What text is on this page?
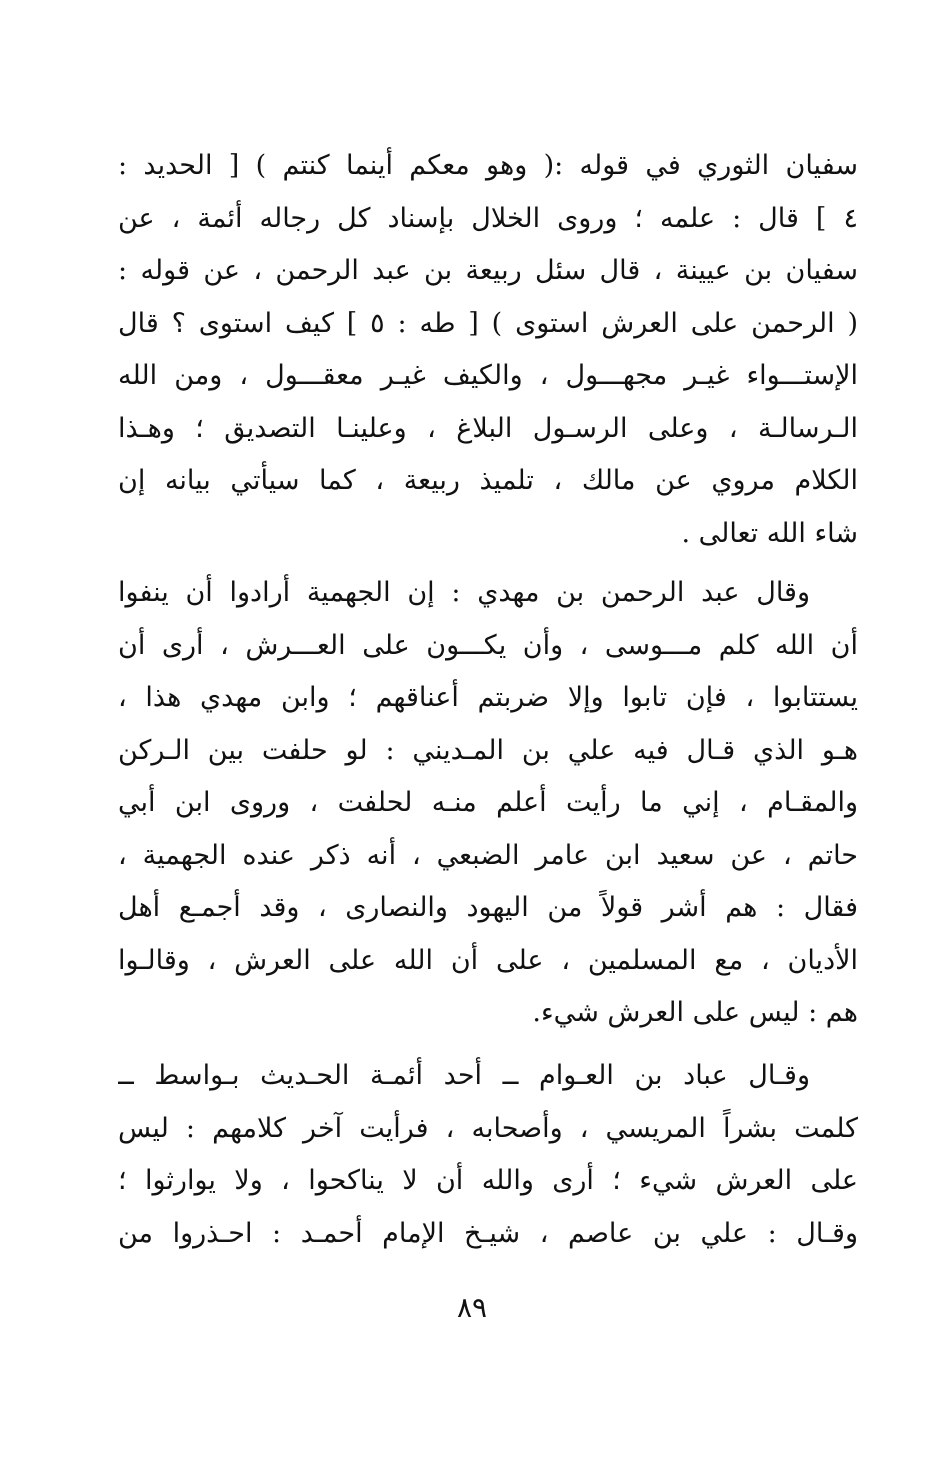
سفيان الثوري في قوله :( وهو معكم أينما كنتم ) [ الحديد :
٤ ] قال : علمه ؛ وروى الخلال بإسناد كل رجاله أئمة ، عن
سفيان بن عيينة ، قال سئل ربيعة بن عبد الرحمن ، عن قوله :
( الرحمن على العرش استوى ) [ طه : ٥ ] كيف استوى ؟ قال
الإستـــواء غيـر مجهـــول ، والكيف غيـر معقـــول ، ومن الله
الـرسالـة ، وعلى الرسـول البلاغ ، وعلينـا التصديق ؛ وهـذا
الكلام مروي عن مالك ، تلميذ ربيعة ، كما سيأتي بيانه إن
شاء الله تعالى .
وقال عبد الرحمن بن مهدي : إن الجهمية أرادوا أن ينفوا
أن الله كلم مـــوسى ، وأن يكـــون على العـــرش ، أرى أن
يستتابوا ، فإن تابوا وإلا ضربتم أعناقهم ؛ وابن مهدي هذا ،
هـو الذي قـال فيه علي بن المـديني : لو حلفت بين الـركن
والمقـام ، إني ما رأيت أعلم منـه لحلفت ، وروى ابن أبي
حاتم ، عن سعيد ابن عامر الضبعي ، أنه ذكر عنده الجهمية ،
فقال : هم أشر قولاً من اليهود والنصارى ، وقد أجمـع أهل
الأديان ، مع المسلمين ، على أن الله على العرش ، وقالـوا
هم : ليس على العرش شيء.
وقـال عباد بن العـوام ــ أحد أئمـة الحـديث بـواسط ــ
كلمت بشراً المريسي ، وأصحابه ، فرأيت آخر كلامهم : ليس
على العرش شيء ؛ أرى والله أن لا يناكحوا ، ولا يوارثوا ؛
وقـال : علي بن عاصم ، شيـخ الإمام أحمـد : احـذروا من
٨٩
